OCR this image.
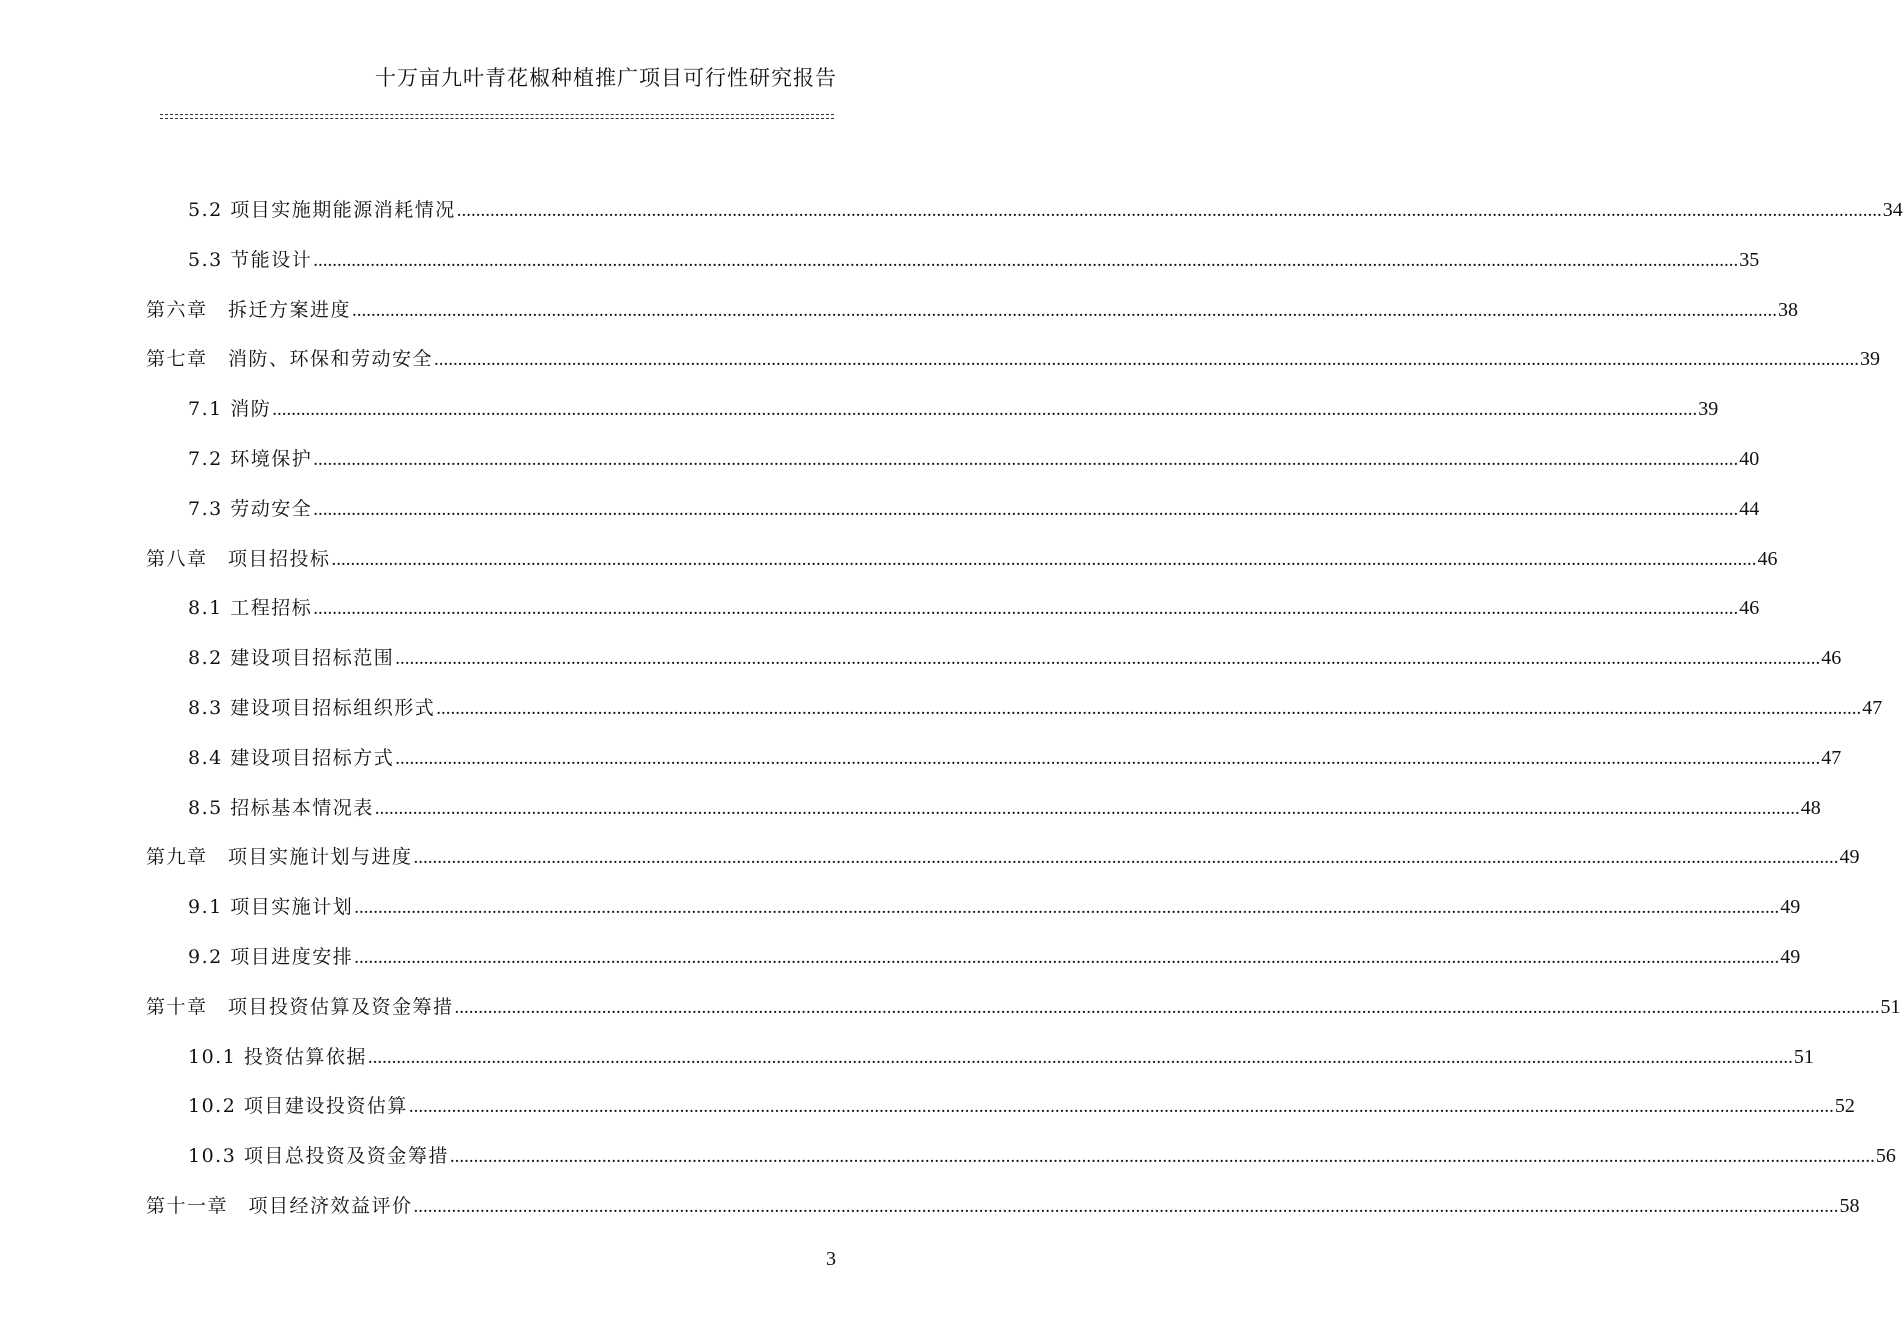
十万亩九叶青花椒种植推广项目可行性研究报告
5.2 项目实施期能源消耗情况 ............................................................................................................................................................................................................................................................................................................ 34
5.3 节能设计 ............................................................................................................................................................................................................................................................................................................ 35
第六章　拆迁方案进度 ............................................................................................................................................................................................................................................................................................................ 38
第七章　消防、环保和劳动安全 ............................................................................................................................................................................................................................................................................................................ 39
7.1 消防 ............................................................................................................................................................................................................................................................................................................ 39
7.2 环境保护 ............................................................................................................................................................................................................................................................................................................ 40
7.3 劳动安全 ............................................................................................................................................................................................................................................................................................................ 44
第八章　项目招投标 ............................................................................................................................................................................................................................................................................................................ 46
8.1 工程招标 ............................................................................................................................................................................................................................................................................................................ 46
8.2 建设项目招标范围 ............................................................................................................................................................................................................................................................................................................ 46
8.3 建设项目招标组织形式 ............................................................................................................................................................................................................................................................................................................ 47
8.4 建设项目招标方式 ............................................................................................................................................................................................................................................................................................................ 47
8.5 招标基本情况表 ............................................................................................................................................................................................................................................................................................................ 48
第九章　项目实施计划与进度 ............................................................................................................................................................................................................................................................................................................ 49
9.1 项目实施计划 ............................................................................................................................................................................................................................................................................................................ 49
9.2 项目进度安排 ............................................................................................................................................................................................................................................................................................................ 49
第十章　项目投资估算及资金筹措 ............................................................................................................................................................................................................................................................................................................ 51
10.1 投资估算依据 ............................................................................................................................................................................................................................................................................................................ 51
10.2 项目建设投资估算 ............................................................................................................................................................................................................................................................................................................ 52
10.3 项目总投资及资金筹措 ............................................................................................................................................................................................................................................................................................................ 56
第十一章　项目经济效益评价 ............................................................................................................................................................................................................................................................................................................ 58
3
